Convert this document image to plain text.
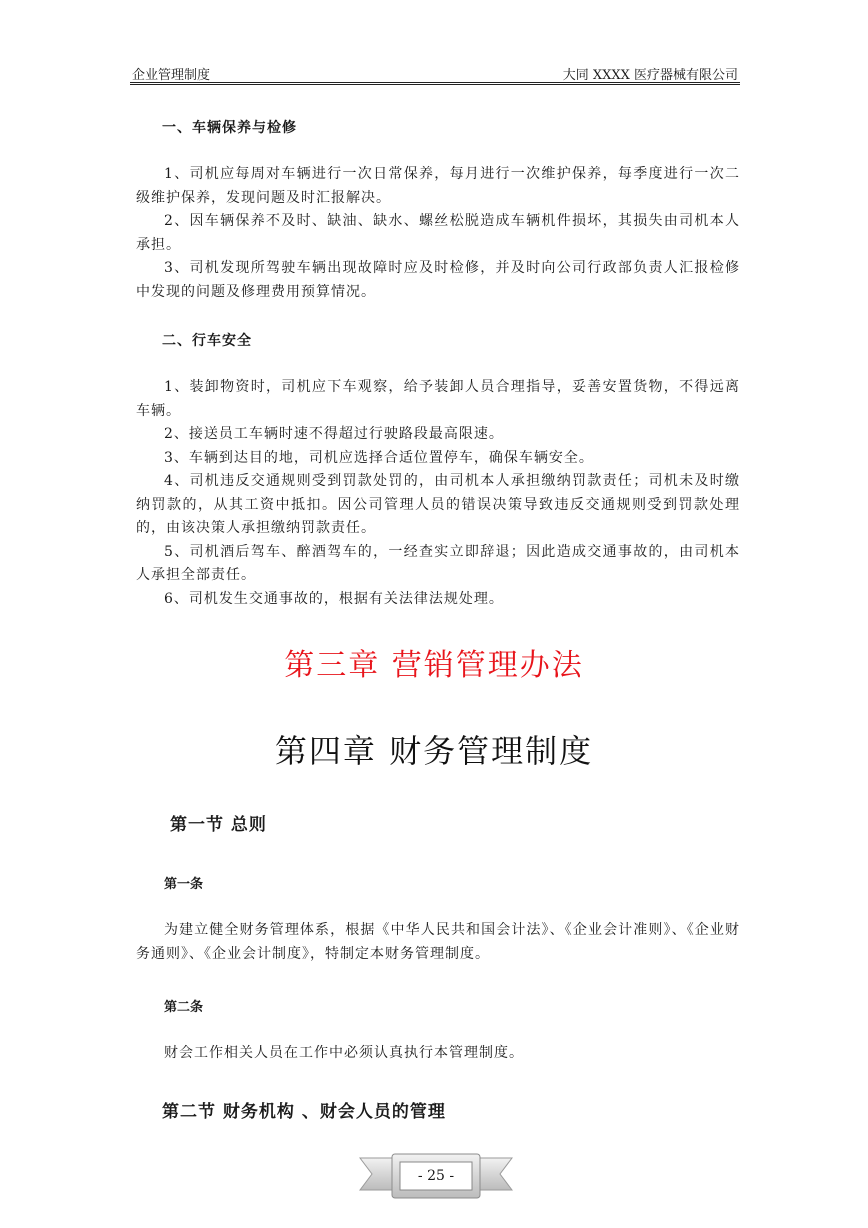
企业管理制度	大同 XXXX 医疗器械有限公司
一、车辆保养与检修

1、司机应每周对车辆进行一次日常保养，每月进行一次维护保养，每季度进行一次二级维护保养，发现问题及时汇报解决。

2、因车辆保养不及时、缺油、缺水、螺丝松脱造成车辆机件损坏，其损失由司机本人承担。

3、司机发现所驾驶车辆出现故障时应及时检修，并及时向公司行政部负责人汇报检修中发现的问题及修理费用预算情况。

二、行车安全

1、装卸物资时，司机应下车观察，给予装卸人员合理指导，妥善安置货物，不得远离车辆。

2、接送员工车辆时速不得超过行驶路段最高限速。

3、车辆到达目的地，司机应选择合适位置停车，确保车辆安全。

4、司机违反交通规则受到罚款处罚的，由司机本人承担缴纳罚款责任；司机未及时缴纳罚款的，从其工资中抵扣。因公司管理人员的错误决策导致违反交通规则受到罚款处理的，由该决策人承担缴纳罚款责任。

5、司机酒后驾车、醉酒驾车的，一经查实立即辞退；因此造成交通事故的，由司机本人承担全部责任。

6、司机发生交通事故的，根据有关法律法规处理。

第三章 营销管理办法
第四章 财务管理制度
第一节 总则
第一条

为建立健全财务管理体系，根据《中华人民共和国会计法》、《企业会计准则》、《企业财务通则》、《企业会计制度》，特制定本财务管理制度。

第二条

财会工作相关人员在工作中必须认真执行本管理制度。

第二节 财务机构 、财会人员的管理
- 25 -
